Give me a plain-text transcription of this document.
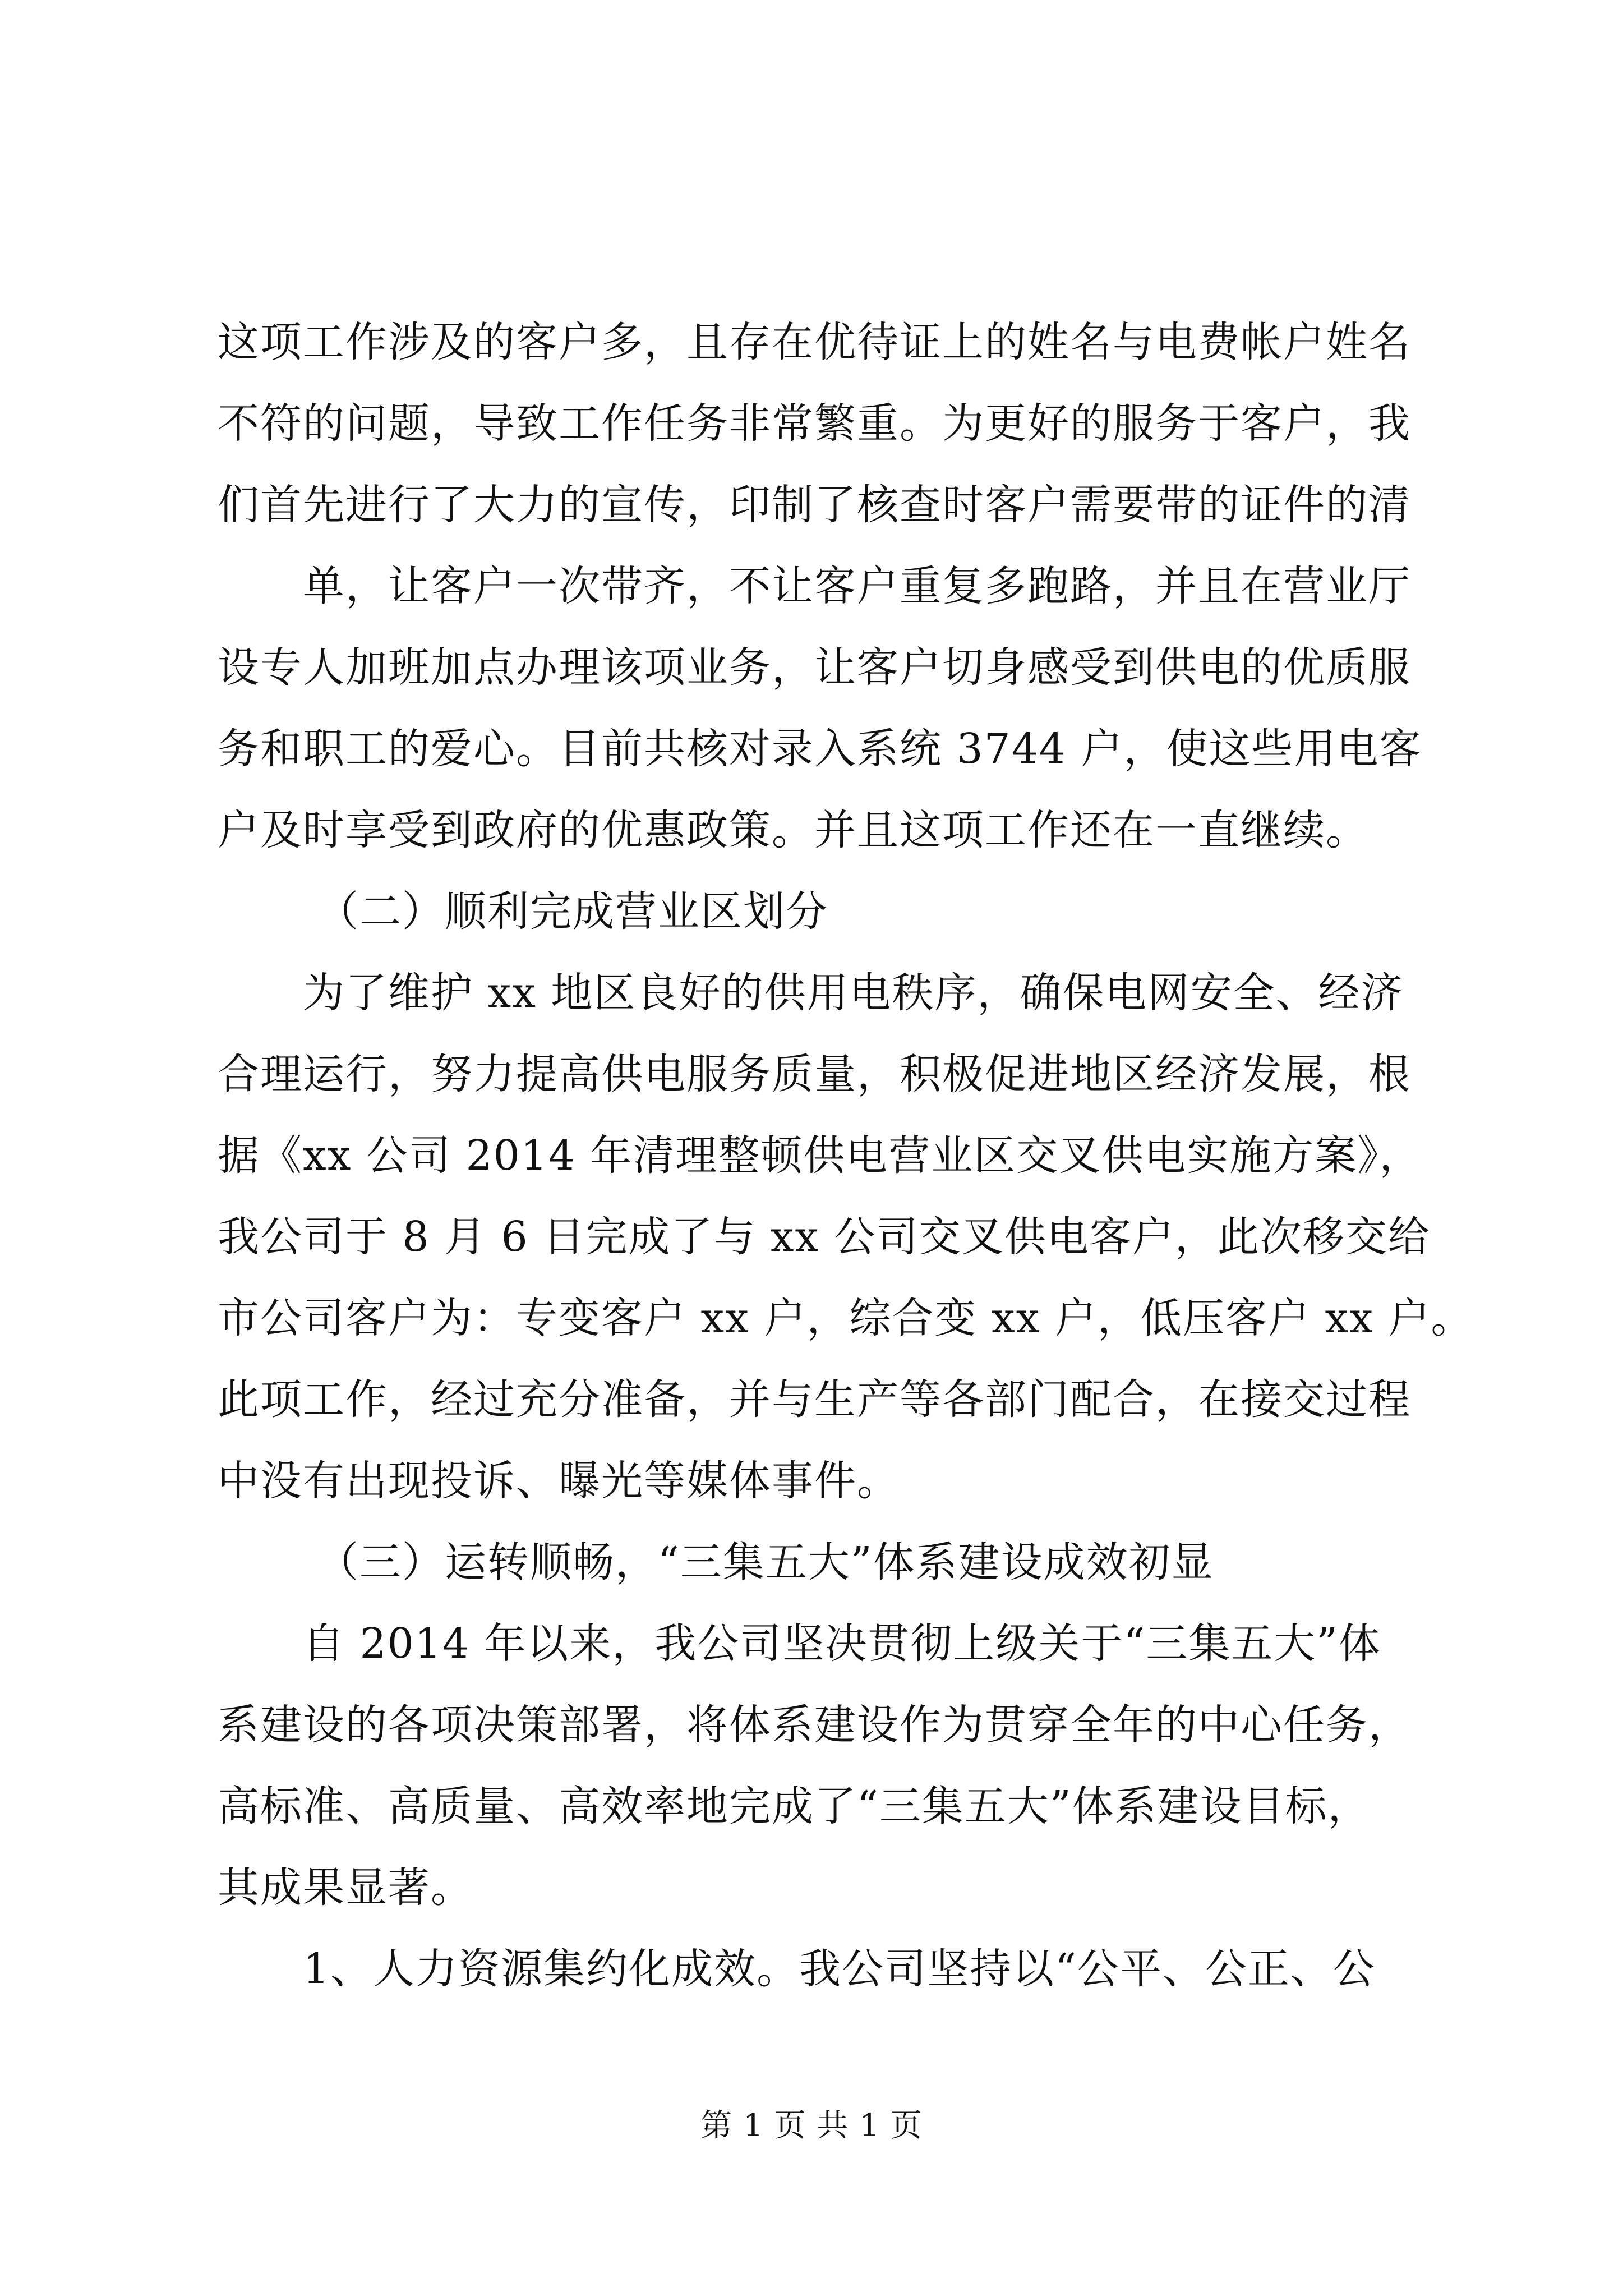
这项工作涉及的客户多，且存在优待证上的姓名与电费帐户姓名
不符的问题，导致工作任务非常繁重。为更好的服务于客户，我
们首先进行了大力的宣传，印制了核查时客户需要带的证件的清
单，让客户一次带齐，不让客户重复多跑路，并且在营业厅
设专人加班加点办理该项业务，让客户切身感受到供电的优质服
务和职工的爱心。目前共核对录入系统 3744 户，使这些用电客
户及时享受到政府的优惠政策。并且这项工作还在一直继续。
（二）顺利完成营业区划分
为了维护 xx 地区良好的供用电秩序，确保电网安全、经济
合理运行，努力提高供电服务质量，积极促进地区经济发展，根
据《xx 公司 2014 年清理整顿供电营业区交叉供电实施方案》，
我公司于 8 月 6 日完成了与 xx 公司交叉供电客户，此次移交给
市公司客户为：专变客户 xx 户，综合变 xx 户，低压客户 xx 户。
此项工作，经过充分准备，并与生产等各部门配合，在接交过程
中没有出现投诉、曝光等媒体事件。
（三）运转顺畅，“三集五大”体系建设成效初显
自 2014 年以来，我公司坚决贯彻上级关于“三集五大”体
系建设的各项决策部署，将体系建设作为贯穿全年的中心任务，
高标准、高质量、高效率地完成了“三集五大”体系建设目标，
其成果显著。
1、人力资源集约化成效。我公司坚持以“公平、公正、公
第 1 页 共 1 页
